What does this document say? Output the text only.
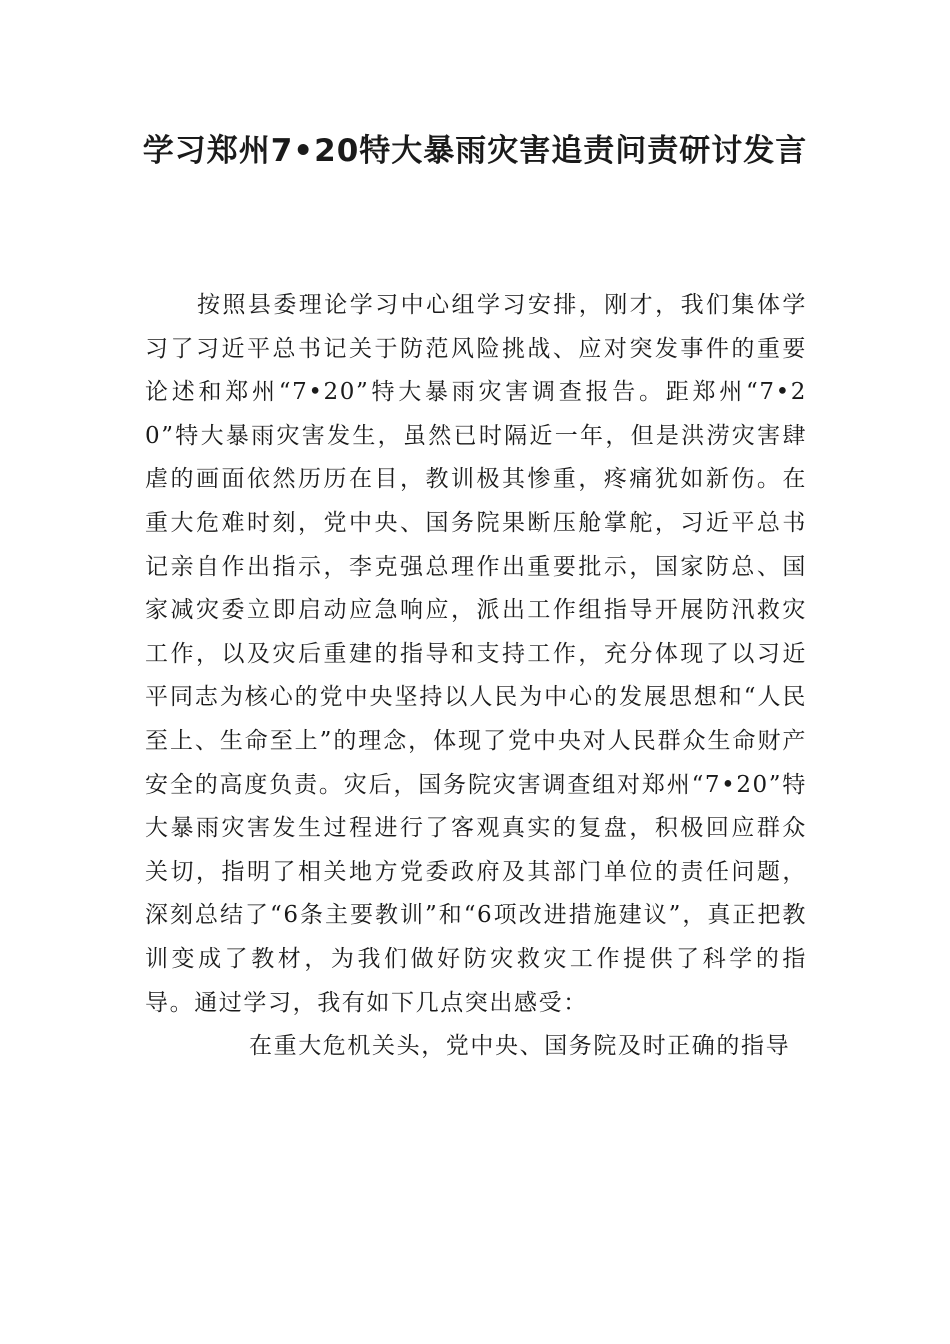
学习郑州7•20特大暴雨灾害追责问责研讨发言

按照县委理论学习中心组学习安排，刚才，我们集体学习了习近平总书记关于防范风险挑战、应对突发事件的重要论述和郑州“7•20”特大暴雨灾害调查报告。距郑州“7•20”特大暴雨灾害发生，虽然已时隔近一年，但是洪涝灾害肆虐的画面依然历历在目，教训极其惨重，疼痛犹如新伤。在重大危难时刻，党中央、国务院果断压舱掌舵，习近平总书记亲自作出指示，李克强总理作出重要批示，国家防总、国家减灾委立即启动应急响应，派出工作组指导开展防汛救灾工作，以及灾后重建的指导和支持工作，充分体现了以习近平同志为核心的党中央坚持以人民为中心的发展思想和“人民至上、生命至上”的理念，体现了党中央对人民群众生命财产安全的高度负责。灾后，国务院灾害调查组对郑州“7•20”特大暴雨灾害发生过程进行了客观真实的复盘，积极回应群众关切，指明了相关地方党委政府及其部门单位的责任问题，深刻总结了“6条主要教训”和“6项改进措施建议”，真正把教训变成了教材，为我们做好防灾救灾工作提供了科学的指导。通过学习，我有如下几点突出感受：

在重大危机关头，党中央、国务院及时正确的指导
